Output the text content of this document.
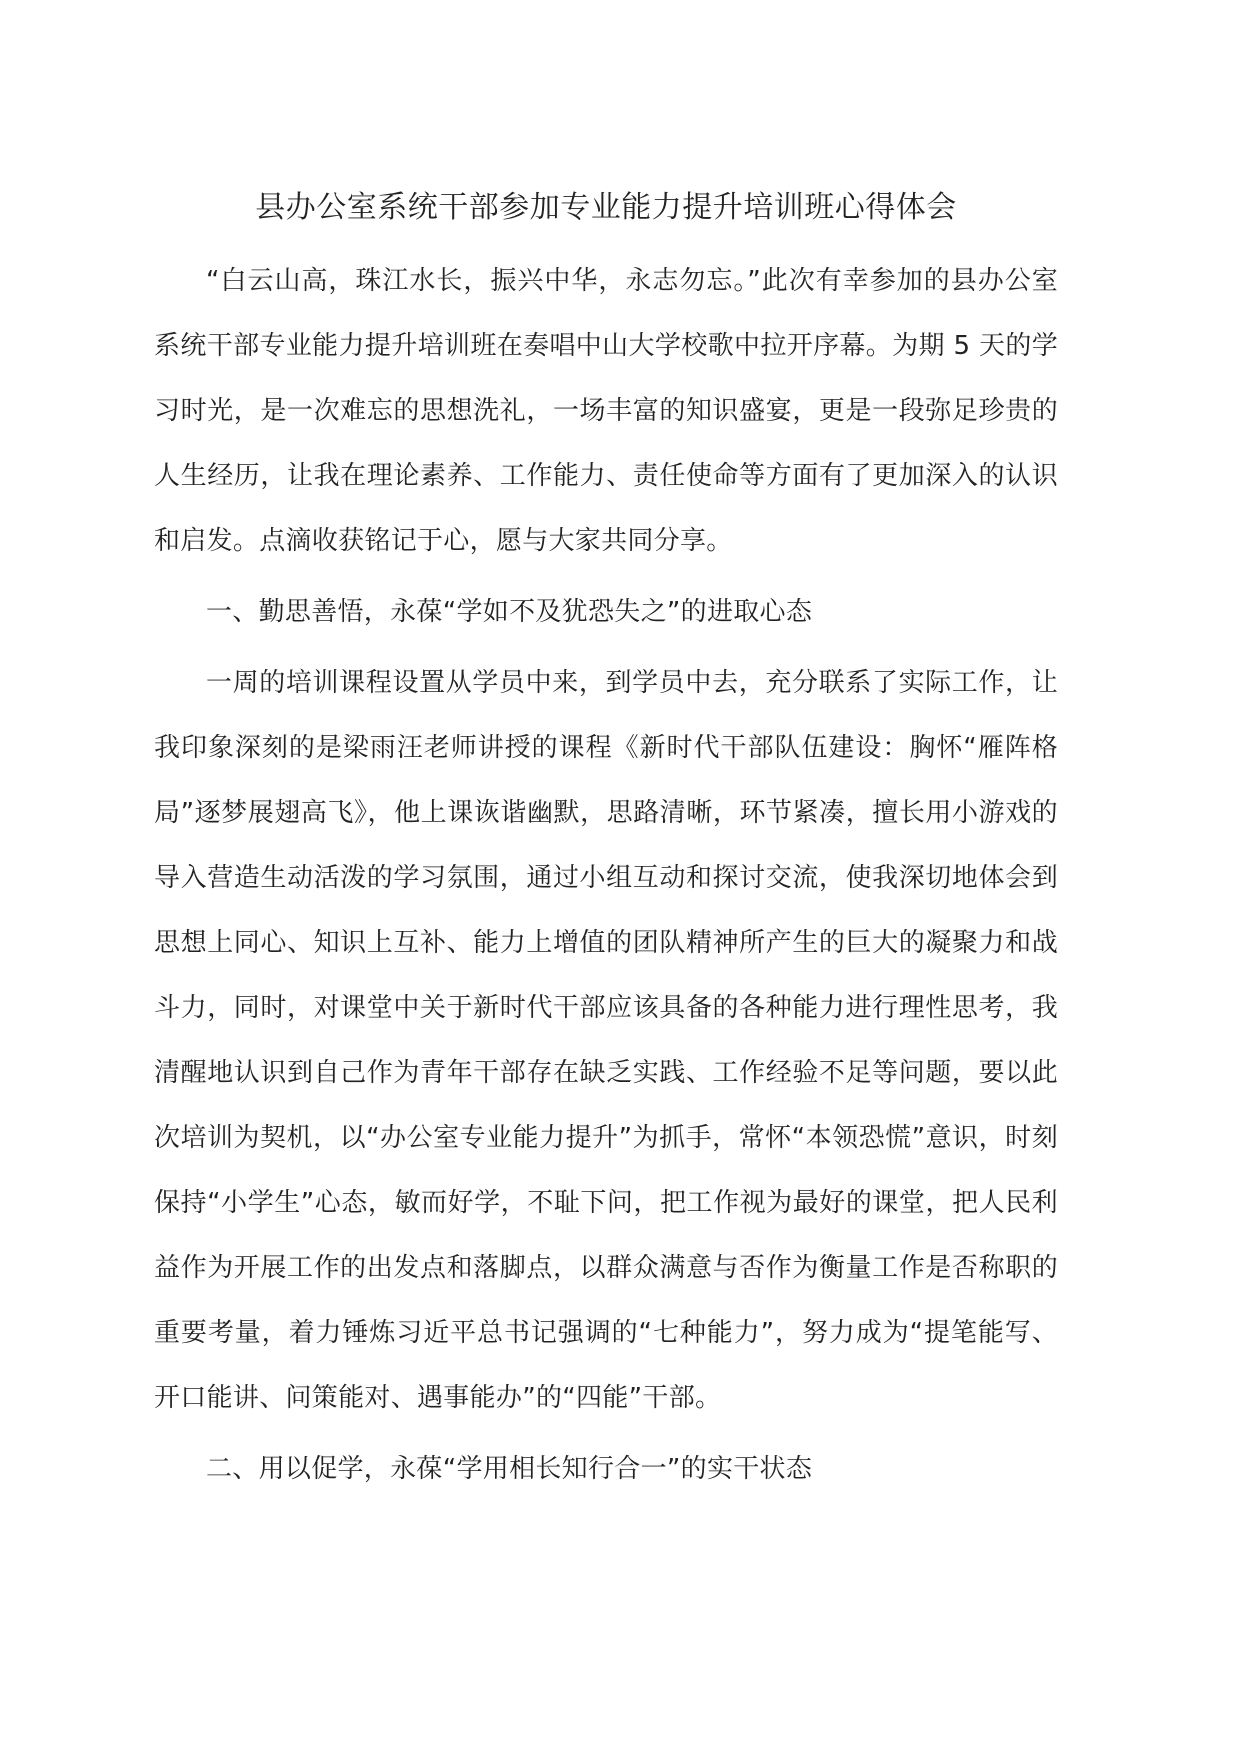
县办公室系统干部参加专业能力提升培训班心得体会

“白云山高，珠江水长，振兴中华，永志勿忘。”此次有幸参加的县办公室系统干部专业能力提升培训班在奏唱中山大学校歌中拉开序幕。为期 5 天的学习时光，是一次难忘的思想洗礼，一场丰富的知识盛宴，更是一段弥足珍贵的人生经历，让我在理论素养、工作能力、责任使命等方面有了更加深入的认识和启发。点滴收获铭记于心，愿与大家共同分享。

一、勤思善悟，永葆“学如不及犹恐失之”的进取心态

一周的培训课程设置从学员中来，到学员中去，充分联系了实际工作，让我印象深刻的是梁雨汪老师讲授的课程《新时代干部队伍建设：胸怀“雁阵格局”逐梦展翅高飞》，他上课诙谐幽默，思路清晰，环节紧凑，擅长用小游戏的导入营造生动活泼的学习氛围，通过小组互动和探讨交流，使我深切地体会到思想上同心、知识上互补、能力上增值的团队精神所产生的巨大的凝聚力和战斗力，同时，对课堂中关于新时代干部应该具备的各种能力进行理性思考，我清醒地认识到自己作为青年干部存在缺乏实践、工作经验不足等问题，要以此次培训为契机，以“办公室专业能力提升”为抓手，常怀“本领恐慌”意识，时刻保持“小学生”心态，敏而好学，不耻下问，把工作视为最好的课堂，把人民利益作为开展工作的出发点和落脚点，以群众满意与否作为衡量工作是否称职的重要考量，着力锤炼习近平总书记强调的“七种能力”，努力成为“提笔能写、开口能讲、问策能对、遇事能办”的“四能”干部。

二、用以促学，永葆“学用相长知行合一”的实干状态
